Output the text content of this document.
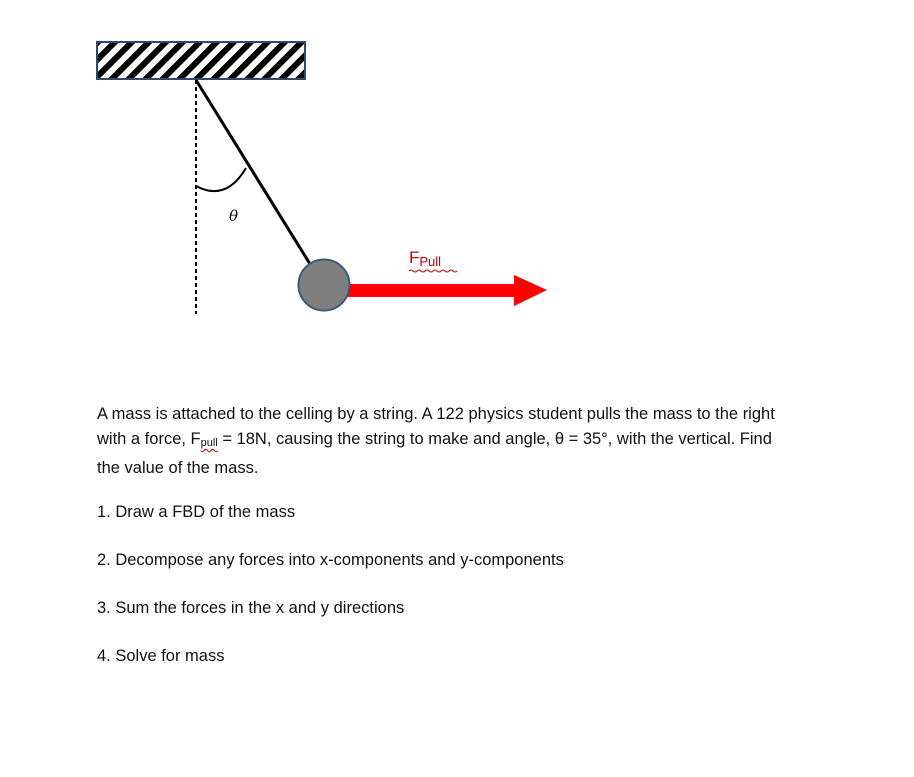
θ
FPull

A mass is attached to the celling by a string. A 122 physics student pulls the mass to the right

with a force, Fpull = 18N, causing the string to make and angle, θ = 35°, with the vertical. Find

the value of the mass.

1. Draw a FBD of the mass
2. Decompose any forces into x-components and y-components
3. Sum the forces in the x and y directions
4. Solve for mass
